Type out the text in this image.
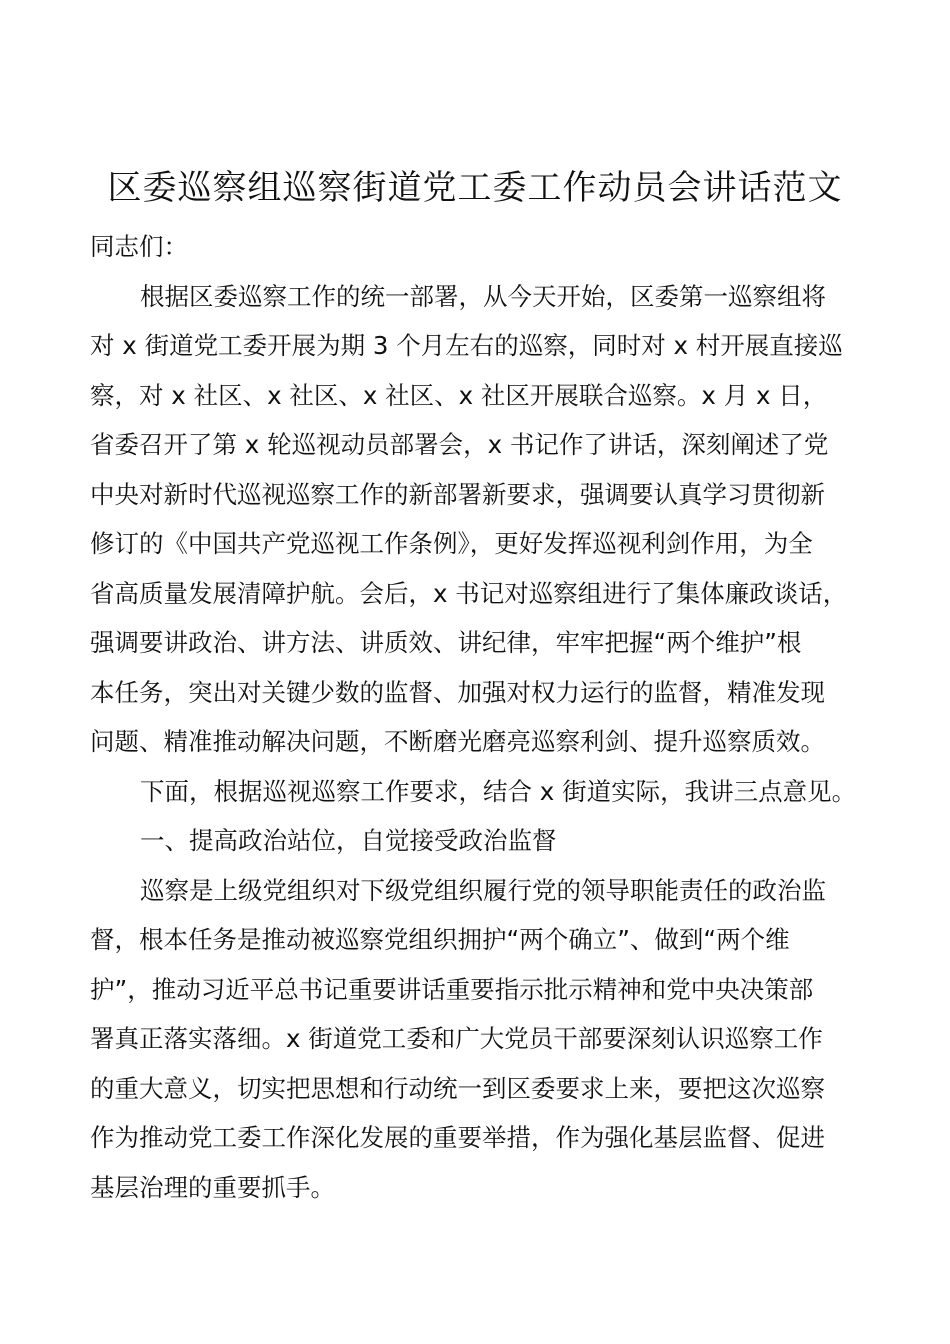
区委巡察组巡察街道党工委工作动员会讲话范文
同志们：
根据区委巡察工作的统一部署，从今天开始，区委第一巡察组将
对 x 街道党工委开展为期 3 个月左右的巡察，同时对 x 村开展直接巡
察，对 x 社区、x 社区、x 社区、x 社区开展联合巡察。x 月 x 日，
省委召开了第 x 轮巡视动员部署会，x 书记作了讲话，深刻阐述了党
中央对新时代巡视巡察工作的新部署新要求，强调要认真学习贯彻新
修订的《中国共产党巡视工作条例》，更好发挥巡视利剑作用，为全
省高质量发展清障护航。会后，x 书记对巡察组进行了集体廉政谈话，
强调要讲政治、讲方法、讲质效、讲纪律，牢牢把握“两个维护”根
本任务，突出对关键少数的监督、加强对权力运行的监督，精准发现
问题、精准推动解决问题，不断磨光磨亮巡察利剑、提升巡察质效。
下面，根据巡视巡察工作要求，结合 x 街道实际，我讲三点意见。
一、提高政治站位，自觉接受政治监督
巡察是上级党组织对下级党组织履行党的领导职能责任的政治监
督，根本任务是推动被巡察党组织拥护“两个确立”、做到“两个维
护”，推动习近平总书记重要讲话重要指示批示精神和党中央决策部
署真正落实落细。x 街道党工委和广大党员干部要深刻认识巡察工作
的重大意义，切实把思想和行动统一到区委要求上来，要把这次巡察
作为推动党工委工作深化发展的重要举措，作为强化基层监督、促进
基层治理的重要抓手。
